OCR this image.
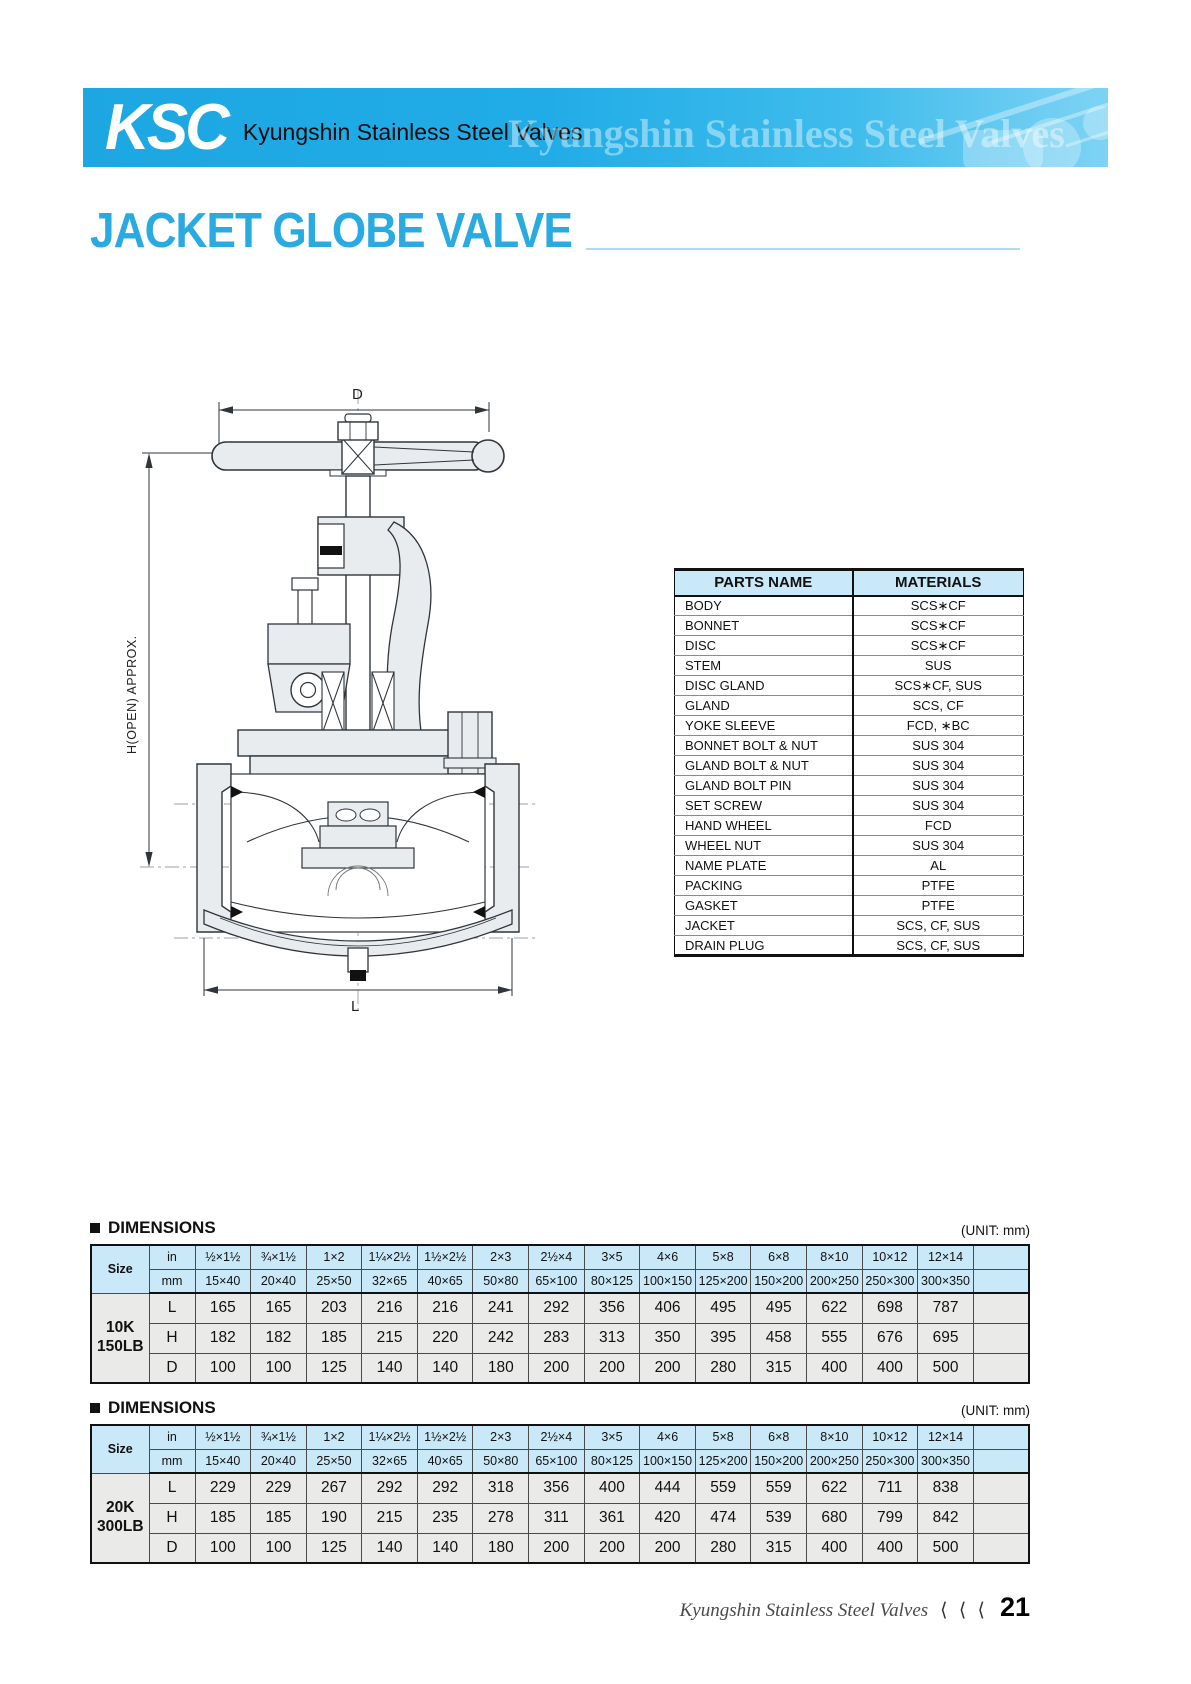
Kyungshin Stainless Steel Valves
KSC Kyungshin Stainless Steel Valves
JACKET GLOBE VALVE
D
L
H(OPEN) APPROX.
PARTS NAME	MATERIALS
BODY	SCS∗CF
BONNET	SCS∗CF
DISC	SCS∗CF
STEM	SUS
DISC GLAND	SCS∗CF, SUS
GLAND	SCS, CF
YOKE SLEEVE	FCD, ∗BC
BONNET BOLT & NUT	SUS 304
GLAND BOLT & NUT	SUS 304
GLAND BOLT PIN	SUS 304
SET SCREW	SUS 304
HAND WHEEL	FCD
WHEEL NUT	SUS 304
NAME PLATE	AL
PACKING	PTFE
GASKET	PTFE
JACKET	SCS, CF, SUS
DRAIN PLUG	SCS, CF, SUS
DIMENSIONS	(UNIT: mm)
Size	in	½×1½	¾×1½	1×2	1¼×2½	1½×2½	2×3	2½×4	3×5	4×6	5×8	6×8	8×10	10×12	12×14	
	mm	15×40	20×40	25×50	32×65	40×65	50×80	65×100	80×125	100×150	125×200	150×200	200×250	250×300	300×350	
10K
150LB	L	165	165	203	216	216	241	292	356	406	495	495	622	698	787	
	H	182	182	185	215	220	242	283	313	350	395	458	555	676	695	
	D	100	100	125	140	140	180	200	200	200	280	315	400	400	500	
DIMENSIONS	(UNIT: mm)
Size	in	½×1½	¾×1½	1×2	1¼×2½	1½×2½	2×3	2½×4	3×5	4×6	5×8	6×8	8×10	10×12	12×14	
	mm	15×40	20×40	25×50	32×65	40×65	50×80	65×100	80×125	100×150	125×200	150×200	200×250	250×300	300×350	
20K
300LB	L	229	229	267	292	292	318	356	400	444	559	559	622	711	838	
	H	185	185	190	215	235	278	311	361	420	474	539	680	799	842	
	D	100	100	125	140	140	180	200	200	200	280	315	400	400	500	
Kyungshin Stainless Steel Valves ⟨ ⟨ ⟨ 21
